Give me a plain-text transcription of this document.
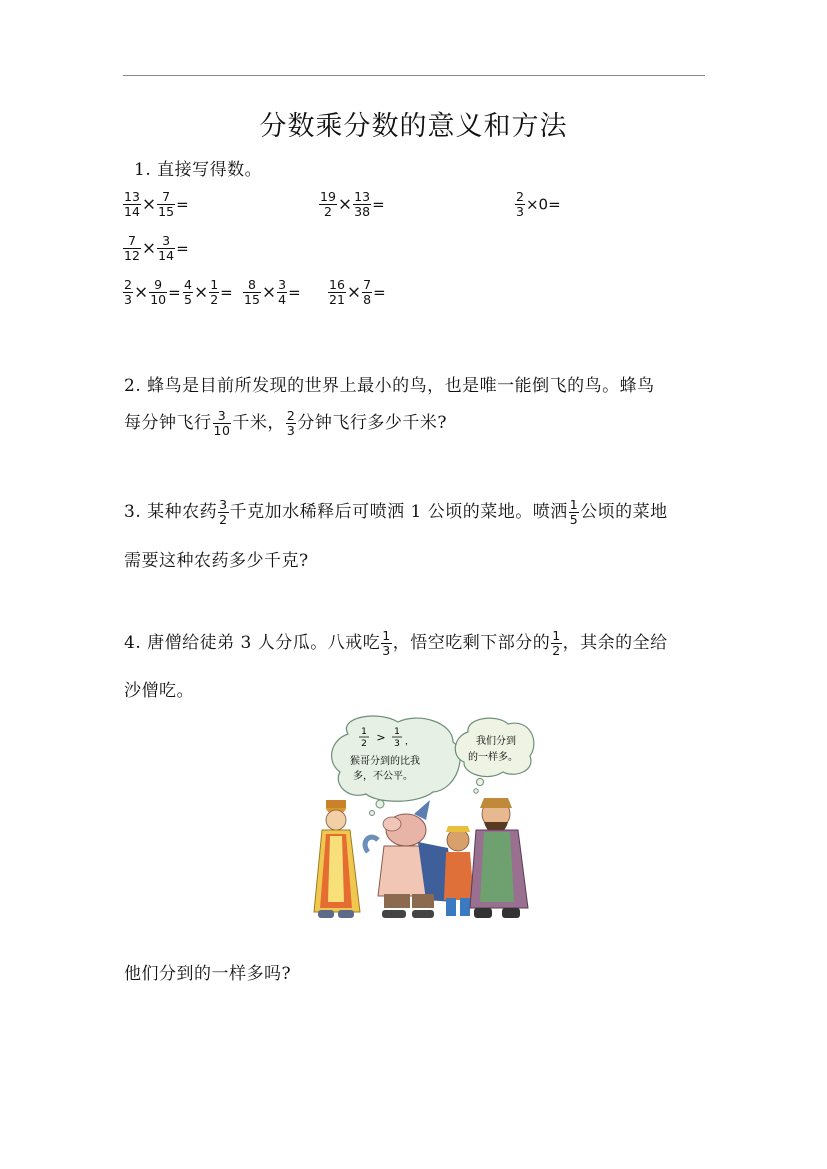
分数乘分数的意义和方法
1. 直接写得数。
$\frac{13}{14} \times \frac{7}{15}$ =	$\frac{19}{2} \times \frac{13}{38}$ =	$\frac{2}{3} \times 0=$
$\frac{7}{12} \times \frac{3}{14}$ =
$\frac{2}{3} \times \frac{9}{10} = \frac{4}{5} \times \frac{1}{2} = \frac{8}{15} \times \frac{3}{4} = \frac{16}{21} \times \frac{7}{8}$ =
2. 蜂鸟是目前所发现的世界上最小的鸟，也是唯一能倒飞的鸟。蜂鸟
每分钟飞行 $\frac{3}{10}$ 千米， $\frac{2}{3}$ 分钟飞行多少千米?
3. 某种农药 $\frac{3}{2}$ 千克加水稀释后可喷洒 1 公顷的菜地。喷洒 $\frac{1}{5}$ 公顷的菜地
需要这种农药多少千克?
4. 唐僧给徒弟 3 人分瓜。八戒吃 $\frac{1}{3}$ ，悟空吃剩下部分的 $\frac{1}{2}$ ，其余的全给
沙僧吃。
1
2 > 1
3 ，
猴哥分到的比我
多，不公平。
我们分到
的一样多。
他们分到的一样多吗?
